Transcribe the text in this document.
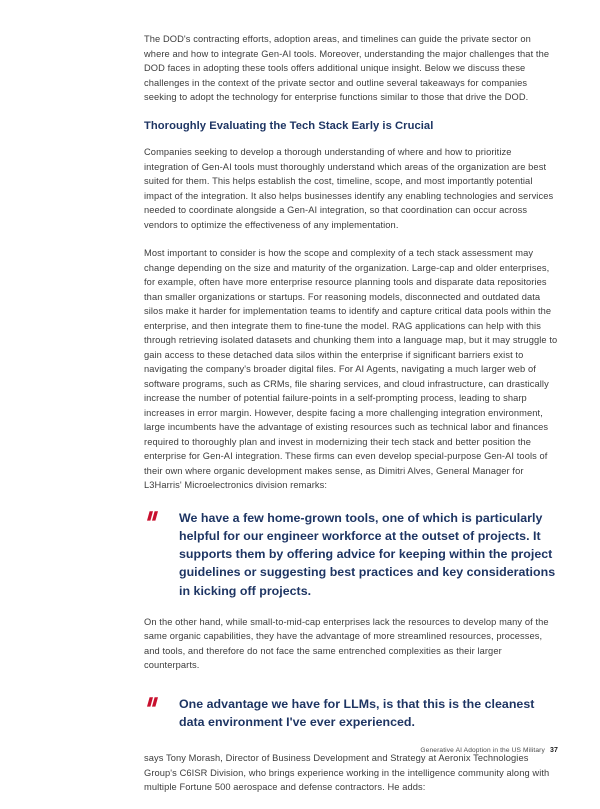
The DOD's contracting efforts, adoption areas, and timelines can guide the private sector on where and how to integrate Gen-AI tools. Moreover, understanding the major challenges that the DOD faces in adopting these tools offers additional unique insight. Below we discuss these challenges in the context of the private sector and outline several takeaways for companies seeking to adopt the technology for enterprise functions similar to those that drive the DOD.

Thoroughly Evaluating the Tech Stack Early is Crucial

Companies seeking to develop a thorough understanding of where and how to prioritize integration of Gen-AI tools must thoroughly understand which areas of the organization are best suited for them. This helps establish the cost, timeline, scope, and most importantly potential impact of the integration. It also helps businesses identify any enabling technologies and services needed to coordinate alongside a Gen-AI integration, so that coordination can occur across vendors to optimize the effectiveness of any implementation.

Most important to consider is how the scope and complexity of a tech stack assessment may change depending on the size and maturity of the organization. Large-cap and older enterprises, for example, often have more enterprise resource planning tools and disparate data repositories than smaller organizations or startups. For reasoning models, disconnected and outdated data silos make it harder for implementation teams to identify and capture critical data pools within the enterprise, and then integrate them to fine-tune the model. RAG applications can help with this through retrieving isolated datasets and chunking them into a language map, but it may struggle to gain access to these detached data silos within the enterprise if significant barriers exist to navigating the company's broader digital files. For AI Agents, navigating a much larger web of software programs, such as CRMs, file sharing services, and cloud infrastructure, can drastically increase the number of potential failure-points in a self-prompting process, leading to sharp increases in error margin. However, despite facing a more challenging integration environment, large incumbents have the advantage of existing resources such as technical labor and finances required to thoroughly plan and invest in modernizing their tech stack and better position the enterprise for Gen-AI integration. These firms can even develop special-purpose Gen-AI tools of their own where organic development makes sense, as Dimitri Alves, General Manager for L3Harris' Microelectronics division remarks:

We have a few home-grown tools, one of which is particularly helpful for our engineer workforce at the outset of projects. It supports them by offering advice for keeping within the project guidelines or suggesting best practices and key considerations in kicking off projects.

On the other hand, while small-to-mid-cap enterprises lack the resources to develop many of the same organic capabilities, they have the advantage of more streamlined resources, processes, and tools, and therefore do not face the same entrenched complexities as their larger counterparts.

One advantage we have for LLMs, is that this is the cleanest data environment I've ever experienced.

says Tony Morash, Director of Business Development and Strategy at Aeronix Technologies Group's C6ISR Division, who brings experience working in the intelligence community along with multiple Fortune 500 aerospace and defense contractors. He adds:

Generative AI Adoption in the US Military 37
